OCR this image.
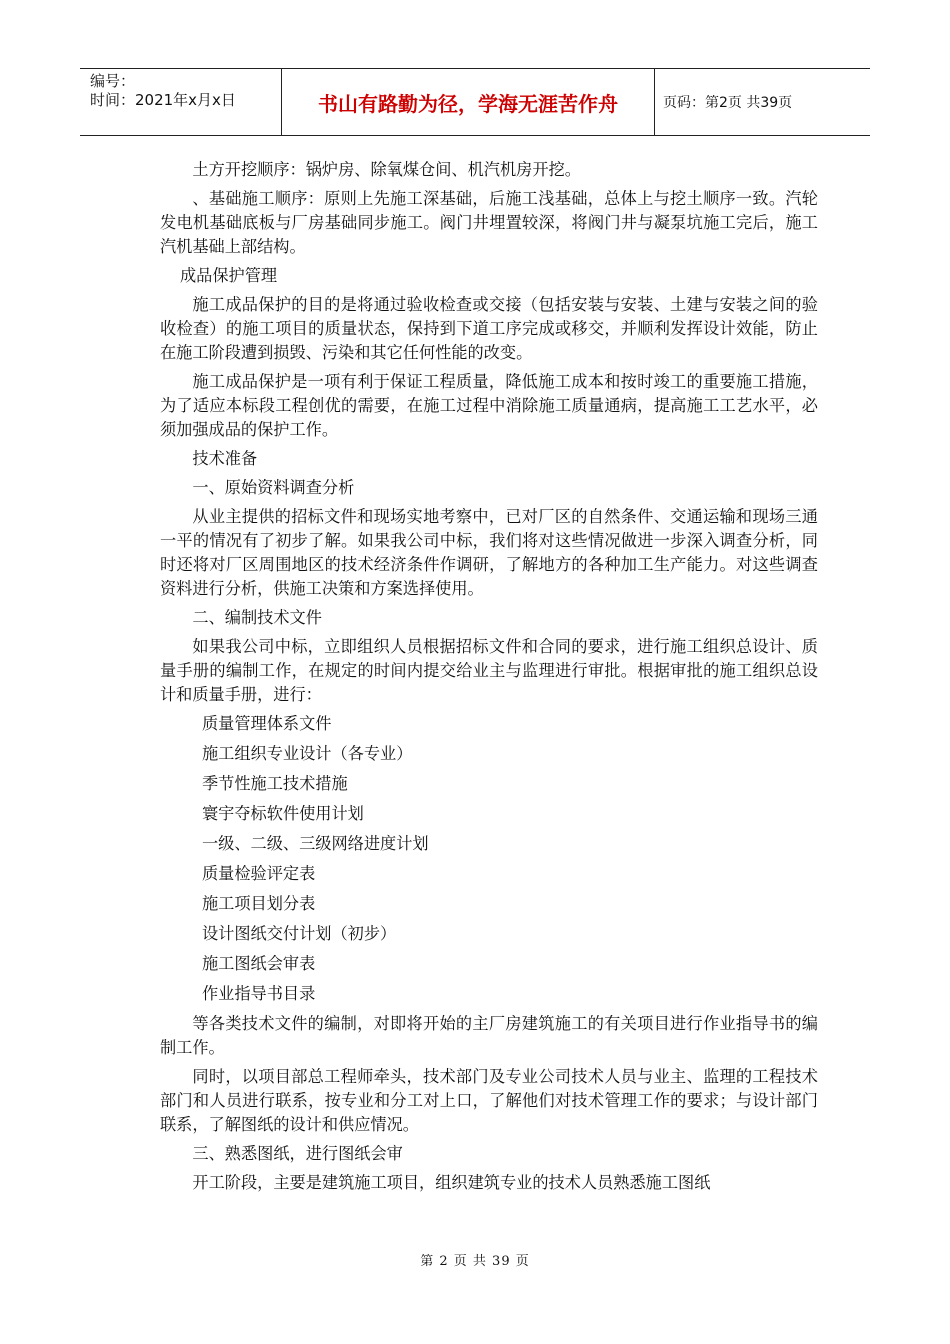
编号：
时间：2021年x月x日	书山有路勤为径，学海无涯苦作舟	页码：第2页 共39页

土方开挖顺序：锅炉房、除氧煤仓间、机汽机房开挖。

、基础施工顺序：原则上先施工深基础，后施工浅基础，总体上与挖土顺序一致。汽轮发电机基础底板与厂房基础同步施工。阀门井埋置较深，将阀门井与凝泵坑施工完后，施工汽机基础上部结构。

成品保护管理

施工成品保护的目的是将通过验收检查或交接（包括安装与安装、土建与安装之间的验收检查）的施工项目的质量状态，保持到下道工序完成或移交，并顺利发挥设计效能，防止在施工阶段遭到损毁、污染和其它任何性能的改变。

施工成品保护是一项有利于保证工程质量，降低施工成本和按时竣工的重要施工措施，为了适应本标段工程创优的需要，在施工过程中消除施工质量通病，提高施工工艺水平，必须加强成品的保护工作。

技术准备

一、原始资料调查分析

从业主提供的招标文件和现场实地考察中，已对厂区的自然条件、交通运输和现场三通一平的情况有了初步了解。如果我公司中标，我们将对这些情况做进一步深入调查分析，同时还将对厂区周围地区的技术经济条件作调研，了解地方的各种加工生产能力。对这些调查资料进行分析，供施工决策和方案选择使用。

二、编制技术文件

如果我公司中标，立即组织人员根据招标文件和合同的要求，进行施工组织总设计、质量手册的编制工作，在规定的时间内提交给业主与监理进行审批。根据审批的施工组织总设计和质量手册，进行：

质量管理体系文件
施工组织专业设计（各专业）
季节性施工技术措施
寰宇夺标软件使用计划
一级、二级、三级网络进度计划
质量检验评定表
施工项目划分表
设计图纸交付计划（初步）
施工图纸会审表
作业指导书目录

等各类技术文件的编制，对即将开始的主厂房建筑施工的有关项目进行作业指导书的编制工作。

同时，以项目部总工程师牵头，技术部门及专业公司技术人员与业主、监理的工程技术部门和人员进行联系，按专业和分工对上口，了解他们对技术管理工作的要求；与设计部门联系，了解图纸的设计和供应情况。

三、熟悉图纸，进行图纸会审

开工阶段，主要是建筑施工项目，组织建筑专业的技术人员熟悉施工图纸

第 2 页 共 39 页
